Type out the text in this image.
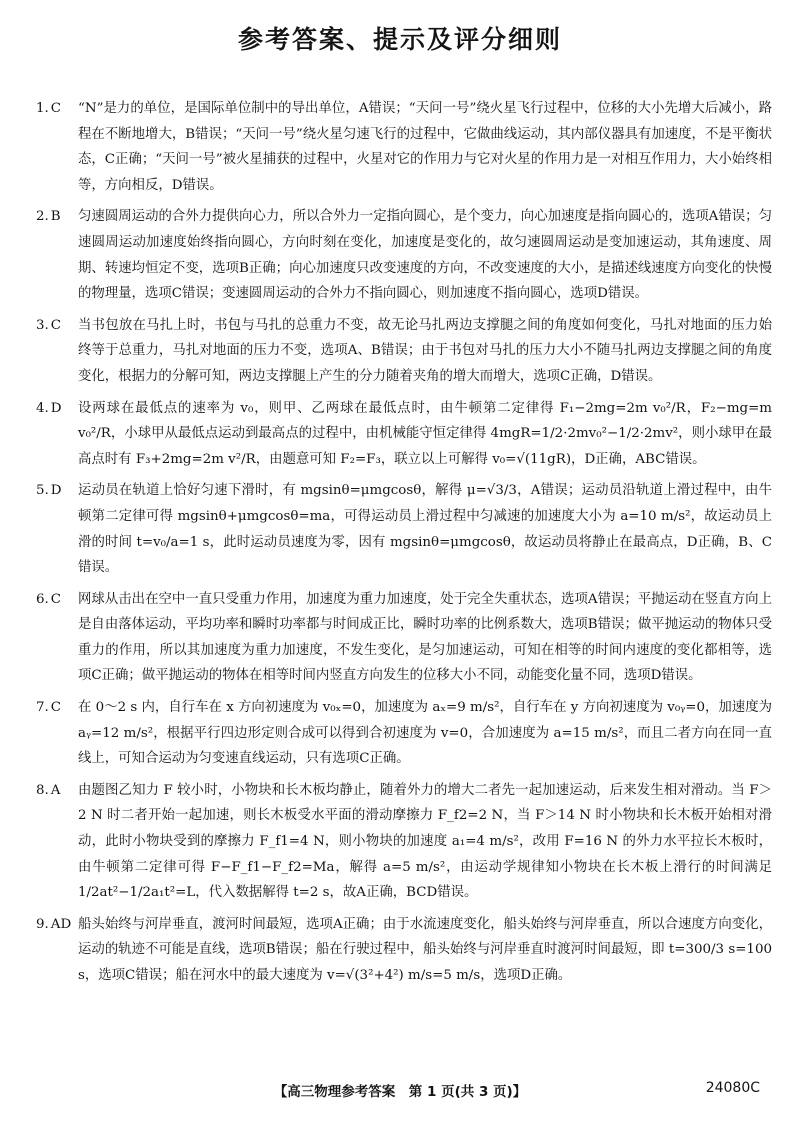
参考答案、提示及评分细则
1. C	“N”是力的单位，是国际单位制中的导出单位，A错误；“天问一号”绕火星飞行过程中，位移的大小先增大后减小，路程在不断地增大，B错误；“天问一号”绕火星匀速飞行的过程中，它做曲线运动，其内部仪器具有加速度，不是平衡状态，C正确；“天问一号”被火星捕获的过程中，火星对它的作用力与它对火星的作用力是一对相互作用力，大小始终相等，方向相反，D错误。
2. B	匀速圆周运动的合外力提供向心力，所以合外力一定指向圆心，是个变力，向心加速度是指向圆心的，选项A错误；匀速圆周运动加速度始终指向圆心，方向时刻在变化，加速度是变化的，故匀速圆周运动是变加速运动，其角速度、周期、转速均恒定不变，选项B正确；向心加速度只改变速度的方向，不改变速度的大小，是描述线速度方向变化的快慢的物理量，选项C错误；变速圆周运动的合外力不指向圆心，则加速度不指向圆心，选项D错误。
3. C	当书包放在马扎上时，书包与马扎的总重力不变，故无论马扎两边支撑腿之间的角度如何变化，马扎对地面的压力始终等于总重力，马扎对地面的压力不变，选项A、B错误；由于书包对马扎的压力大小不随马扎两边支撑腿之间的角度变化，根据力的分解可知，两边支撑腿上产生的分力随着夹角的增大而增大，选项C正确，D错误。
4. D	设两球在最低点的速率为 v₀，则甲、乙两球在最低点时，由牛顿第二定律得 F₁−2mg=2m v₀²/R，F₂−mg=m v₀²/R，小球甲从最低点运动到最高点的过程中，由机械能守恒定律得 4mgR=1/2·2mv₀²−1/2·2mv²，则小球甲在最高点时有 F₃+2mg=2m v²/R，由题意可知 F₂=F₃，联立以上可解得 v₀=√(11gR)，D正确，ABC错误。
5. D	运动员在轨道上恰好匀速下滑时，有 mgsinθ=μmgcosθ，解得 μ=√3/3，A错误；运动员沿轨道上滑过程中，由牛顿第二定律可得 mgsinθ+μmgcosθ=ma，可得运动员上滑过程中匀减速的加速度大小为 a=10 m/s²，故运动员上滑的时间 t=v₀/a=1 s，此时运动员速度为零，因有 mgsinθ=μmgcosθ，故运动员将静止在最高点，D正确，B、C错误。
6. C	网球从击出在空中一直只受重力作用，加速度为重力加速度，处于完全失重状态，选项A错误；平抛运动在竖直方向上是自由落体运动，平均功率和瞬时功率都与时间成正比，瞬时功率的比例系数大，选项B错误；做平抛运动的物体只受重力的作用，所以其加速度为重力加速度，不发生变化，是匀加速运动，可知在相等的时间内速度的变化都相等，选项C正确；做平抛运动的物体在相等时间内竖直方向发生的位移大小不同，动能变化量不同，选项D错误。
7. C	在 0～2 s 内，自行车在 x 方向初速度为 v₀ₓ=0，加速度为 aₓ=9 m/s²，自行车在 y 方向初速度为 v₀ᵧ=0，加速度为 aᵧ=12 m/s²，根据平行四边形定则合成可以得到合初速度为 v=0，合加速度为 a=15 m/s²，而且二者方向在同一直线上，可知合运动为匀变速直线运动，只有选项C正确。
8. A	由题图乙知力 F 较小时，小物块和长木板均静止，随着外力的增大二者先一起加速运动，后来发生相对滑动。当 F＞2 N 时二者开始一起加速，则长木板受水平面的滑动摩擦力 F_f2=2 N，当 F＞14 N 时小物块和长木板开始相对滑动，此时小物块受到的摩擦力 F_f1=4 N，则小物块的加速度 a₁=4 m/s²，改用 F=16 N 的外力水平拉长木板时，由牛顿第二定律可得 F−F_f1−F_f2=Ma，解得 a=5 m/s²，由运动学规律知小物块在长木板上滑行的时间满足 1/2at²−1/2a₁t²=L，代入数据解得 t=2 s，故A正确，BCD错误。
9. AD 船头始终与河岸垂直，渡河时间最短，选项A正确；由于水流速度变化，船头始终与河岸垂直，所以合速度方向变化，运动的轨迹不可能是直线，选项B错误；船在行驶过程中，船头始终与河岸垂直时渡河时间最短，即 t=300/3 s=100 s，选项C错误；船在河水中的最大速度为 v=√(3²+4²) m/s=5 m/s，选项D正确。
【高三物理参考答案　第 1 页(共 3 页)】	24080C
